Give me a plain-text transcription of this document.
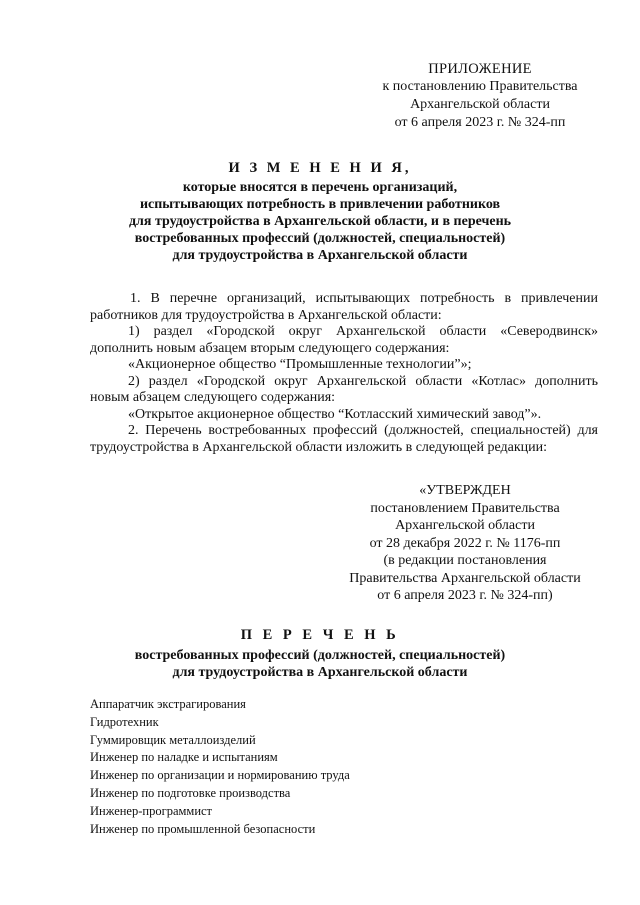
ПРИЛОЖЕНИЕ
к постановлению Правительства
Архангельской области
от 6 апреля 2023 г. № 324-пп
И З М Е Н Е Н И Я,
которые вносятся в перечень организаций,
испытывающих потребность в привлечении работников
для трудоустройства в Архангельской области, и в перечень
востребованных профессий (должностей, специальностей)
для трудоустройства в Архангельской области

1. В перечне организаций, испытывающих потребность в привлечении работников для трудоустройства в Архангельской области:

1) раздел «Городской округ Архангельской области «Северодвинск» дополнить новым абзацем вторым следующего содержания:

«Акционерное общество “Промышленные технологии”»;

2) раздел «Городской округ Архангельской области «Котлас» дополнить новым абзацем следующего содержания:

«Открытое акционерное общество “Котласский химический завод”».

2. Перечень востребованных профессий (должностей, специальностей) для трудоустройства в Архангельской области изложить в следующей редакции:

«УТВЕРЖДЕН
постановлением Правительства
Архангельской области
от 28 декабря 2022 г. № 1176-пп
(в редакции постановления
Правительства Архангельской области
от 6 апреля 2023 г. № 324-пп)
П Е Р Е Ч Е Н Ь
востребованных профессий (должностей, специальностей)
для трудоустройства в Архангельской области
Аппаратчик экстрагирования
Гидротехник
Гуммировщик металлоизделий
Инженер по наладке и испытаниям
Инженер по организации и нормированию труда
Инженер по подготовке производства
Инженер-программист
Инженер по промышленной безопасности
